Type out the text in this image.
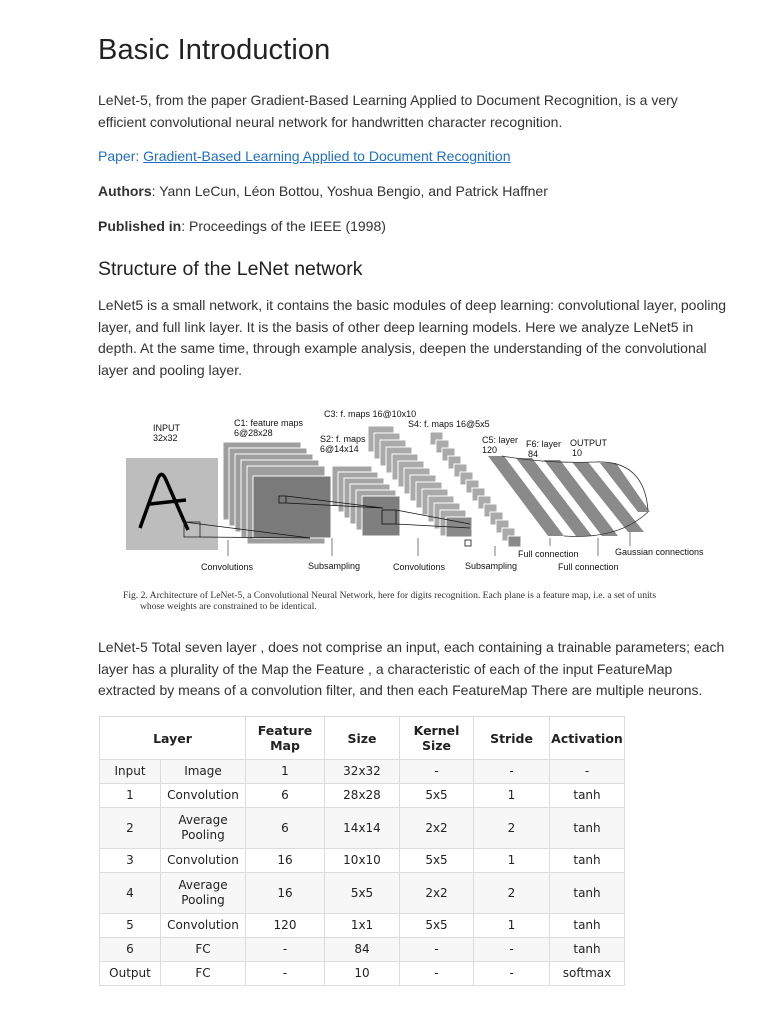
Basic Introduction

LeNet-5, from the paper Gradient-Based Learning Applied to Document Recognition, is a very efficient convolutional neural network for handwritten character recognition.

Paper: Gradient-Based Learning Applied to Document Recognition

Authors: Yann LeCun, Léon Bottou, Yoshua Bengio, and Patrick Haffner

Published in: Proceedings of the IEEE (1998)

Structure of the LeNet network

LeNet5 is a small network, it contains the basic modules of deep learning: convolutional layer, pooling layer, and full link layer. It is the basis of other deep learning models. Here we analyze LeNet5 in depth. At the same time, through example analysis, deepen the understanding of the convolutional layer and pooling layer.

LeNet-5 Total seven layer , does not comprise an input, each containing a trainable parameters; each layer has a plurality of the Map the Feature , a characteristic of each of the input FeatureMap extracted by means of a convolution filter, and then each FeatureMap There are multiple neurons.

INPUT
32x32
C1: feature maps
6@28x28
S2: f. maps
6@14x14
C3: f. maps 16@10x10
S4: f. maps 16@5x5
C5: layer
120
F6: layer
84
OUTPUT
10
Convolutions	Subsampling	Convolutions Subsampling
Full connection
Full connection
Gaussian connections
Fig. 2. Architecture of LeNet-5, a Convolutional Neural Network, here for digits recognition. Each plane is a feature map, i.e. a set of units
whose weights are constrained to be identical.
Layer		Feature Map	Size	Kernel Size	Stride	Activation
Input	Image	1	32x32	-	-	-
1	Convolution	6	28x28	5x5	1	tanh
2	Average Pooling	6	14x14	2x2	2	tanh
3	Convolution	16	10x10	5x5	1	tanh
4	Average Pooling	16	5x5	2x2	2	tanh
5	Convolution	120	1x1	5x5	1	tanh
6	FC	-	84	-	-	tanh
Output	FC	-	10	-	-	softmax
